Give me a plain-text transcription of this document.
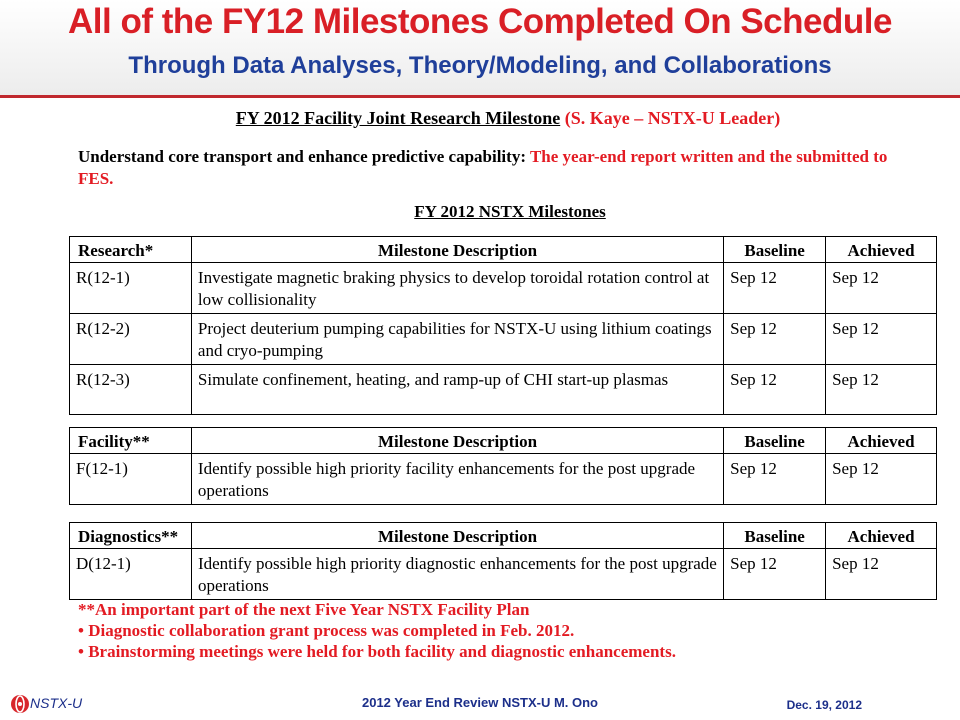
All of the FY12 Milestones Completed On Schedule
Through Data Analyses, Theory/Modeling, and Collaborations
FY 2012 Facility Joint Research Milestone (S. Kaye – NSTX-U Leader)
Understand core transport and enhance predictive capability: The year-end report written and the submitted to FES.
FY 2012 NSTX Milestones
Research*	Milestone Description	Baseline	Achieved
R(12-1)	Investigate magnetic braking physics to develop toroidal rotation control at low collisionality	Sep 12	Sep 12
R(12-2)	Project deuterium pumping capabilities for NSTX-U using lithium coatings and cryo-pumping	Sep 12	Sep 12
R(12-3)	Simulate confinement, heating, and ramp-up of CHI start-up plasmas	Sep 12	Sep 12
Facility**	Milestone Description	Baseline	Achieved
F(12-1)	Identify possible high priority facility enhancements for the post upgrade operations	Sep 12	Sep 12
Diagnostics**	Milestone Description	Baseline	Achieved
D(12-1)	Identify possible high priority diagnostic enhancements for the post upgrade operations	Sep 12	Sep 12
**An important part of the next Five Year NSTX Facility Plan
• Diagnostic collaboration grant process was completed in Feb. 2012.
• Brainstorming meetings were held for both facility and diagnostic enhancements.
NSTX-U	2012 Year End Review NSTX-U M. Ono	Dec. 19, 2012
